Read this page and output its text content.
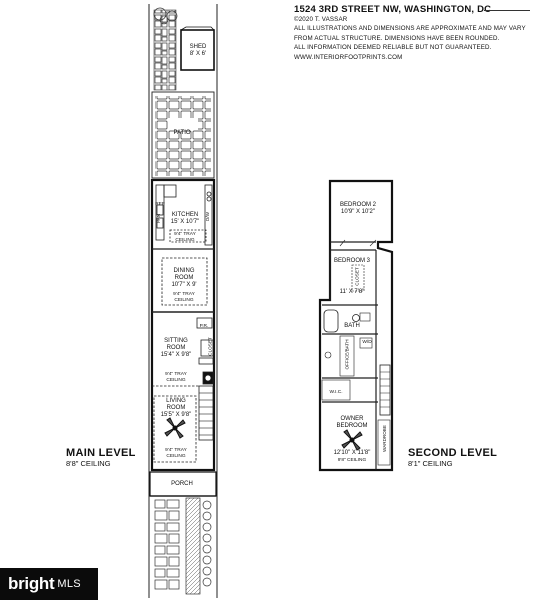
1524 3RD STREET NW, WASHINGTON, DC
©2020 T. VASSAR
ALL ILLUSTRATIONS AND DIMENSIONS ARE APPROXIMATE AND MAY VARY
FROM ACTUAL STRUCTURE. DIMENSIONS HAVE BEEN ROUNDED.
ALL INFORMATION DEEMED RELIABLE BUT NOT GUARANTEED.
WWW.INTERIORFOOTPRINTS.COM
SHED
8' X 6'
PATIO
KITCHEN
15' X 10'7"
9'4" TRAY
CEILING
DINING
ROOM
10'7" X 9'
9'4" TRAY
CEILING
SITTING
ROOM
15'4" X 9'8"
9'4" TRAY
CEILING
LIVING
ROOM
15'5" X 9'8"
9'4" TRAY
CEILING
PORCH
P.R.
REF
PAN	D/W
CLOSET
MAIN LEVEL
8'8" CEILING
SECOND LEVEL
8'1" CEILING
BEDROOM 2
10'9" X 10'2"
BEDROOM 3
11' X 7'8"
CLOSET
BATH
W/D
OFFICE/BATH
W.I.C.
OWNER
BEDROOM
12'10" X 11'8"
9'8" CEILING
WARDROBE
bright MLS
